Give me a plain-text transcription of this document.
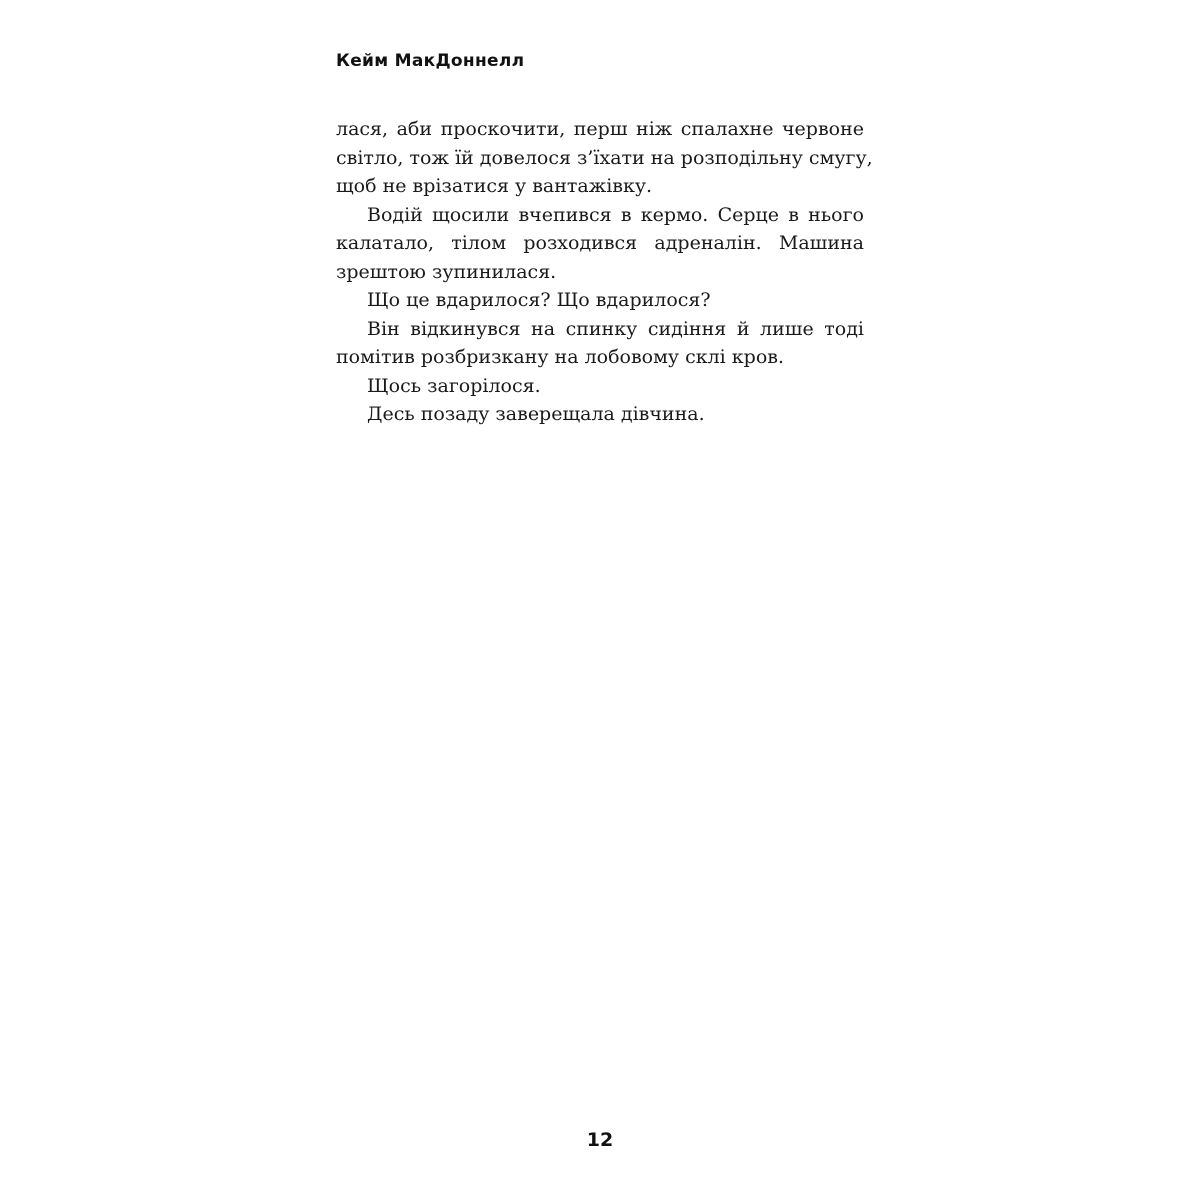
Кейм МакДоннелл
лася, аби проскочити, перш ніж спалахне червоне
світло, тож їй довелося з’їхати на розподільну смугу,
щоб не врізатися у вантажівку.
Водій щосили вчепився в кермо. Серце в нього
калатало, тілом розходився адреналін. Машина
зрештою зупинилася.
Що це вдарилося? Що вдарилося?
Він відкинувся на спинку сидіння й лише тоді
помітив розбризкану на лобовому склі кров.
Щось загорілося.
Десь позаду заверещала дівчина.
12
